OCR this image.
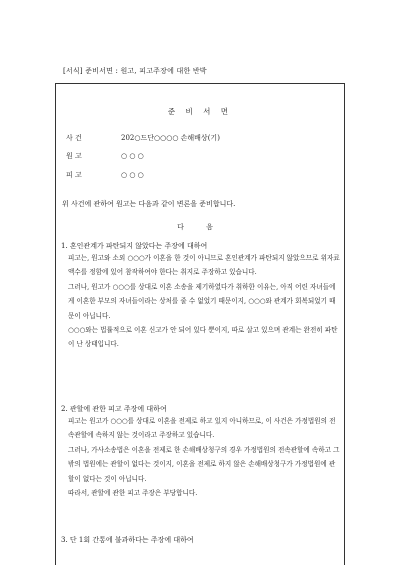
[서식] 준비서면 : 원고, 피고주장에 대한 반박
준 비 서 면
사 건	202○드단○○○○ 손해배상(기)
원 고	○ ○ ○
피 고	○ ○ ○
위 사건에 관하여 원고는 다음과 같이 변론을 준비합니다.
다 음
1. 혼인관계가 파탄되지 않았다는 주장에 대하여
피고는, 원고와 소외 ○○○가 이혼을 한 것이 아니므로 혼인관계가 파탄되지 않았으므로 위자료 액수를 정함에 있어 참작하여야 한다는 취지로 주장하고 있습니다.
그러나, 원고가 ○○○를 상대로 이혼 소송을 제기하였다가 취하한 이유는, 아직 어린 자녀들에게 이혼한 부모의 자녀들이라는 상처를 줄 수 없었기 때문이지, ○○○와 관계가 회복되었기 때문이 아닙니다.
○○○와는 법률적으로 이혼 신고가 안 되어 있다 뿐이지, 따로 살고 있으며 관계는 완전히 파탄이 난 상태입니다.
2. 관할에 관한 피고 주장에 대하여
피고는 원고가 ○○○를 상대로 이혼을 전제로 하고 있지 아니하므로, 이 사건은 가정법원의 전속관할에 속하지 않는 것이라고 주장하고 있습니다.
그러나, 가사소송법은 이혼을 전제로 한 손해배상청구의 경우 가정법원의 전속관할에 속하고 그 밖의 법원에는 관할이 없다는 것이지, 이혼을 전제로 하지 않은 손해배상청구가 가정법원에 관할이 없다는 것이 아닙니다.
따라서, 관할에 관한 피고 주장은 부당합니다.
3. 단 1회 간통에 불과하다는 주장에 대하여
